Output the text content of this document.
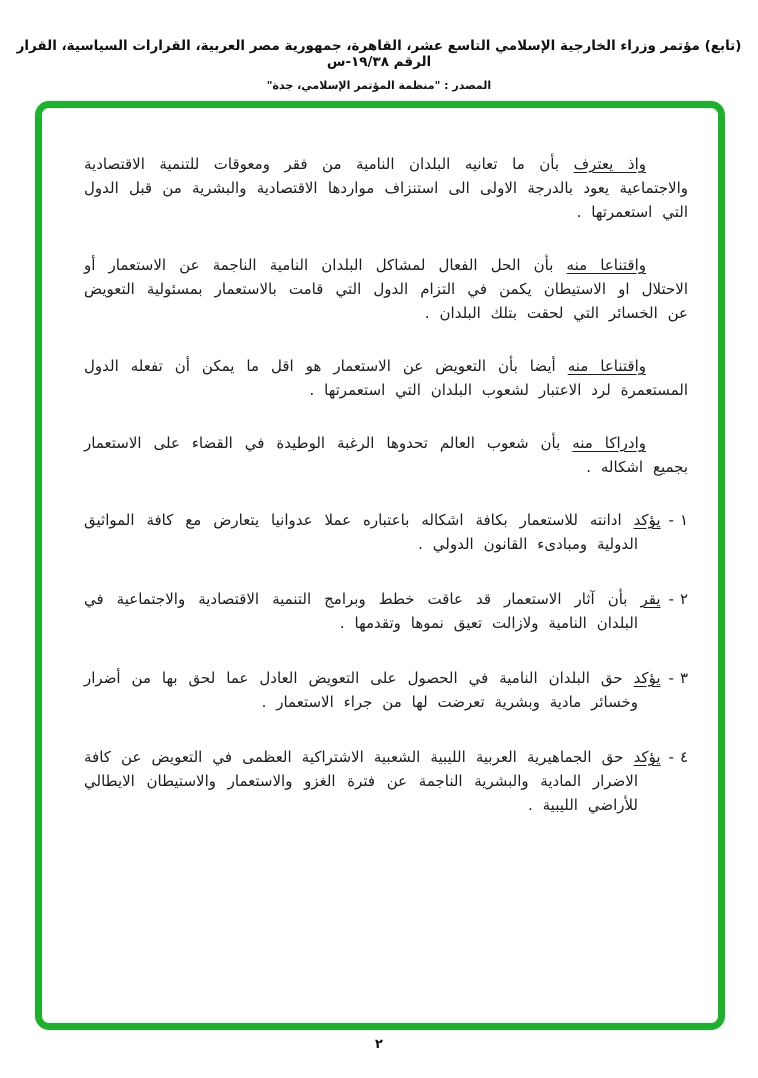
(تابع) مؤتمر وزراء الخارجية الإسلامي التاسع عشر، القاهرة، جمهورية مصر العربية، القرارات السياسية، القرار الرقم ١٩/٣٨-س
المصدر : "منظمة المؤتمر الإسلامي، جدة"

واذ يعترف بأن ما تعانيه البلدان النامية من فقر ومعوقات للتنمية الاقتصادية والاجتماعية يعود بالدرجة الاولى الى استنزاف مواردها الاقتصادية والبشرية من قبل الدول التي استعمرتها .

واقتناعا منه بأن الحل الفعال لمشاكل البلدان النامية الناجمة عن الاستعمار أو الاحتلال او الاستيطان يكمن في التزام الدول التي قامت بالاستعمار بمسئولية التعويض عن الخسائر التي لحقت بتلك البلدان .

واقتناعا منه أيضا بأن التعويض عن الاستعمار هو اقل ما يمكن أن تفعله الدول المستعمرة لرد الاعتبار لشعوب البلدان التي استعمرتها .

وادراكا منه بأن شعوب العالم تحدوها الرغبة الوطيدة في القضاء على الاستعمار بجميع اشكاله .

١-يؤكد ادانته للاستعمار بكافة اشكاله باعتباره عملا عدوانيا يتعارض مع كافة المواثيق الدولية ومبادىء القانون الدولي .

٢-يقر بأن آثار الاستعمار قد عاقت خطط وبرامج التنمية الاقتصادية والاجتماعية في البلدان النامية ولازالت تعيق نموها وتقدمها .

٣-يؤكد حق البلدان النامية في الحصول على التعويض العادل عما لحق بها من أضرار وخسائر مادية وبشرية تعرضت لها من جراء الاستعمار .

٤-يؤكد حق الجماهيرية العربية الليبية الشعبية الاشتراكية العظمى في التعويض عن كافة الاضرار المادية والبشرية الناجمة عن فترة الغزو والاستعمار والاستيطان الايطالي للأراضي الليبية .

٢
